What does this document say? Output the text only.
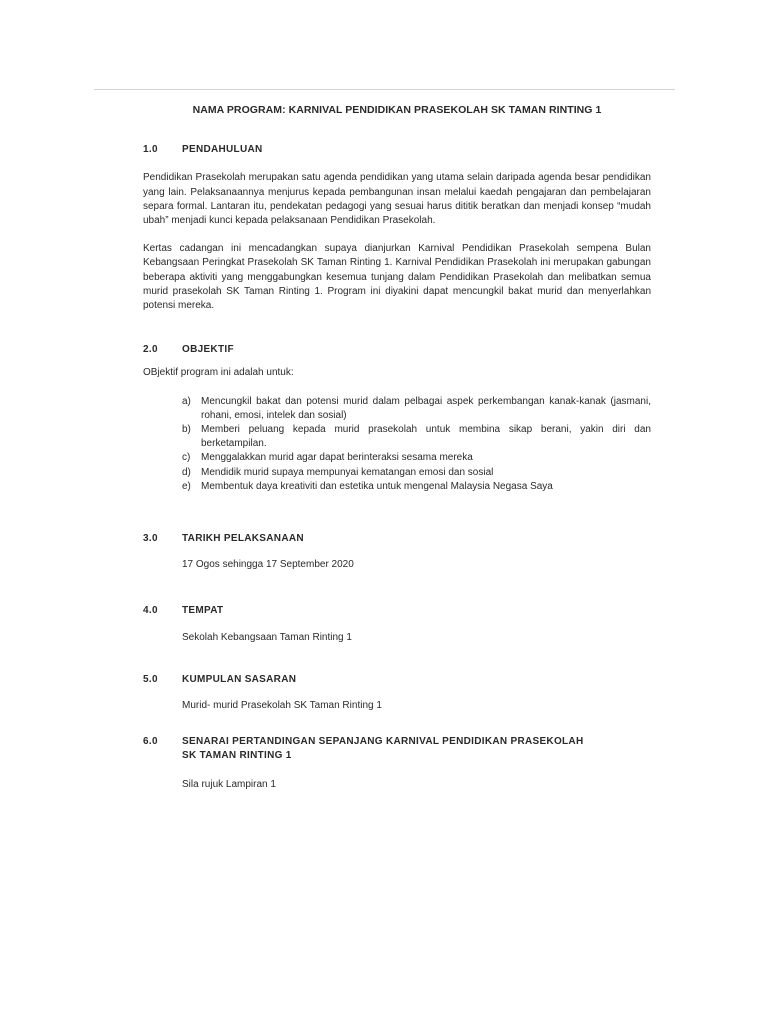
NAMA PROGRAM: KARNIVAL PENDIDIKAN PRASEKOLAH SK TAMAN RINTING 1
1.0	PENDAHULUAN

Pendidikan Prasekolah merupakan satu agenda pendidikan yang utama selain daripada agenda besar pendidikan yang lain. Pelaksanaannya menjurus kepada pembangunan insan melalui kaedah pengajaran dan pembelajaran separa formal. Lantaran itu, pendekatan pedagogi yang sesuai harus dititik beratkan dan menjadi konsep “mudah ubah” menjadi kunci kepada pelaksanaan Pendidikan Prasekolah.

Kertas cadangan ini mencadangkan supaya dianjurkan Karnival Pendidikan Prasekolah sempena Bulan Kebangsaan Peringkat Prasekolah SK Taman Rinting 1. Karnival Pendidikan Prasekolah ini merupakan gabungan beberapa aktiviti yang menggabungkan kesemua tunjang dalam Pendidikan Prasekolah dan melibatkan semua murid prasekolah SK Taman Rinting 1. Program ini diyakini dapat mencungkil bakat murid dan menyerlahkan potensi mereka.

2.0	OBJEKTIF

OBjektif program ini adalah untuk:

a)	Mencungkil bakat dan potensi murid dalam pelbagai aspek perkembangan kanak-kanak (jasmani, rohani, emosi, intelek dan sosial)
b)	Memberi peluang kepada murid prasekolah untuk membina sikap berani, yakin diri dan berketampilan.
c)	Menggalakkan murid agar dapat berinteraksi sesama mereka
d)	Mendidik murid supaya mempunyai kematangan emosi dan sosial
e)	Membentuk daya kreativiti dan estetika untuk mengenal Malaysia Negasa Saya
3.0	TARIKH PELAKSANAAN

17 Ogos sehingga 17 September 2020

4.0	TEMPAT

Sekolah Kebangsaan Taman Rinting 1

5.0	KUMPULAN SASARAN

Murid- murid Prasekolah SK Taman Rinting 1

6.0	SENARAI PERTANDINGAN SEPANJANG KARNIVAL PENDIDIKAN PRASEKOLAH
SK TAMAN RINTING 1

Sila rujuk Lampiran 1
